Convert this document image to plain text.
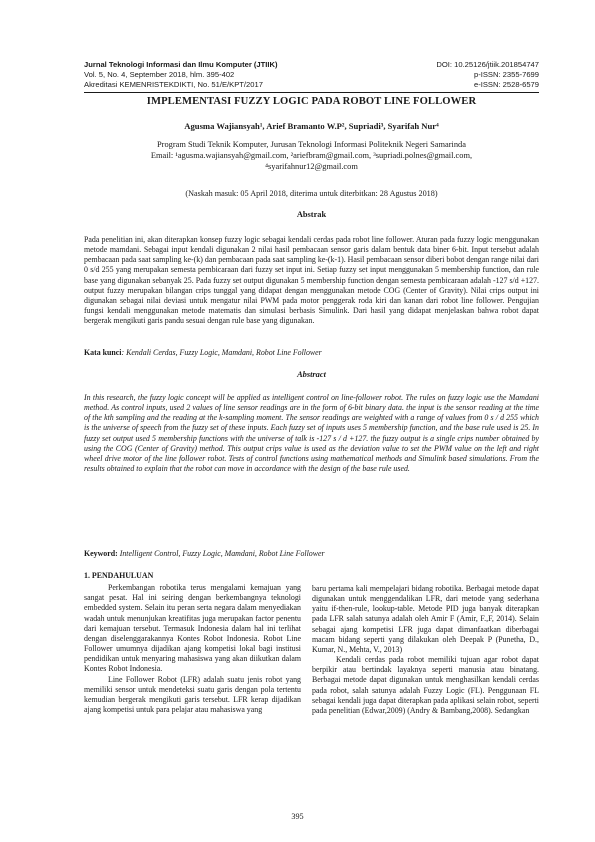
Jurnal Teknologi Informasi dan Ilmu Komputer (JTIIK)
Vol. 5, No. 4, September 2018, hlm. 395-402
Akreditasi KEMENRISTEKDIKTI, No. 51/E/KPT/2017
DOI: 10.25126/jtiik.201854747
p-ISSN: 2355-7699
e-ISSN: 2528-6579
IMPLEMENTASI FUZZY LOGIC PADA ROBOT LINE FOLLOWER
Agusma Wajiansyah¹, Arief Bramanto W.P², Supriadi³, Syarifah Nur⁴
Program Studi Teknik Komputer, Jurusan Teknologi Informasi Politeknik Negeri Samarinda
Email: ¹agusma.wajiansyah@gmail.com, ²ariefbram@gmail.com, ³supriadi.polnes@gmail.com,
⁴syarifahnur12@gmail.com
(Naskah masuk: 05 April 2018, diterima untuk diterbitkan: 28 Agustus 2018)
Abstrak
Pada penelitian ini, akan diterapkan konsep fuzzy logic sebagai kendali cerdas pada robot line follower. Aturan pada fuzzy logic menggunakan metode mamdani. Sebagai input kendali digunakan 2 nilai hasil pembacaan sensor garis dalam bentuk data biner 6-bit. Input tersebut adalah pembacaan pada saat sampling ke-(k) dan pembacaan pada saat sampling ke-(k-1). Hasil pembacaan sensor diberi bobot dengan range nilai dari 0 s/d 255 yang merupakan semesta pembicaraan dari fuzzy set input ini. Setiap fuzzy set input menggunakan 5 membership function, dan rule base yang digunakan sebanyak 25. Pada fuzzy set output digunakan 5 membership function dengan semesta pembicaraan adalah -127 s/d +127. output fuzzy merupakan bilangan crips tunggal yang didapat dengan menggunakan metode COG (Center of Gravity). Nilai crips output ini digunakan sebagai nilai deviasi untuk mengatur nilai PWM pada motor penggerak roda kiri dan kanan dari robot line follower. Pengujian fungsi kendali menggunakan metode matematis dan simulasi berbasis Simulink. Dari hasil yang didapat menjelaskan bahwa robot dapat bergerak mengikuti garis pandu sesuai dengan rule base yang digunakan.
Kata kunci: Kendali Cerdas, Fuzzy Logic, Mamdani, Robot Line Follower
Abstract
In this research, the fuzzy logic concept will be applied as intelligent control on line-follower robot. The rules on fuzzy logic use the Mamdani method. As control inputs, used 2 values of line sensor readings are in the form of 6-bit binary data. the input is the sensor reading at the time of the kth sampling and the reading at the k-sampling moment. The sensor readings are weighted with a range of values from 0 s / d 255 which is the universe of speech from the fuzzy set of these inputs. Each fuzzy set of inputs uses 5 membership function, and the base rule used is 25. In fuzzy set output used 5 membership functions with the universe of talk is -127 s / d +127. the fuzzy output is a single crips number obtained by using the COG (Center of Gravity) method. This output crips value is used as the deviation value to set the PWM value on the left and right wheel drive motor of the line follower robot. Tests of control functions using mathematical methods and Simulink based simulations. From the results obtained to explain that the robot can move in accordance with the design of the base rule used.
Keyword: Intelligent Control, Fuzzy Logic, Mamdani, Robot Line Follower
1. PENDAHULUAN

Perkembangan robotika terus mengalami kemajuan yang sangat pesat. Hal ini seiring dengan berkembangnya teknologi embedded system. Selain itu peran serta negara dalam menyediakan wadah untuk menunjukan kreatifitas juga merupakan factor penentu dari kemajuan tersebut. Termasuk Indonesia dalam hal ini terlihat dengan diselenggarakannya Kontes Robot Indonesia. Robot Line Follower umumnya dijadikan ajang kompetisi lokal bagi institusi pendidikan untuk menyaring mahasiswa yang akan diikutkan dalam Kontes Robot Indonesia.

Line Follower Robot (LFR) adalah suatu jenis robot yang memiliki sensor untuk mendeteksi suatu garis dengan pola tertentu kemudian bergerak mengikuti garis tersebut. LFR kerap dijadikan ajang kompetisi untuk para pelajar atau mahasiswa yang

baru pertama kali mempelajari bidang robotika. Berbagai metode dapat digunakan untuk menggendalikan LFR, dari metode yang sederhana yaitu if-then-rule, lookup-table. Metode PID juga banyak diterapkan pada LFR salah satunya adalah oleh Amir F (Amir, F.,F, 2014). Selain sebagai ajang kompetisi LFR juga dapat dimanfaatkan diberbagai macam bidang seperti yang dilakukan oleh Deepak P (Punetha, D., Kumar, N., Mehta, V., 2013)

Kendali cerdas pada robot memiliki tujuan agar robot dapat berpikir atau bertindak layaknya seperti manusia atau binatang. Berbagai metode dapat digunakan untuk menghasilkan kendali cerdas pada robot, salah satunya adalah Fuzzy Logic (FL). Penggunaan FL sebagai kendali juga dapat diterapkan pada aplikasi selain robot, seperti pada penelitian (Edwar,2009) (Andry & Bambang,2008). Sedangkan

395
